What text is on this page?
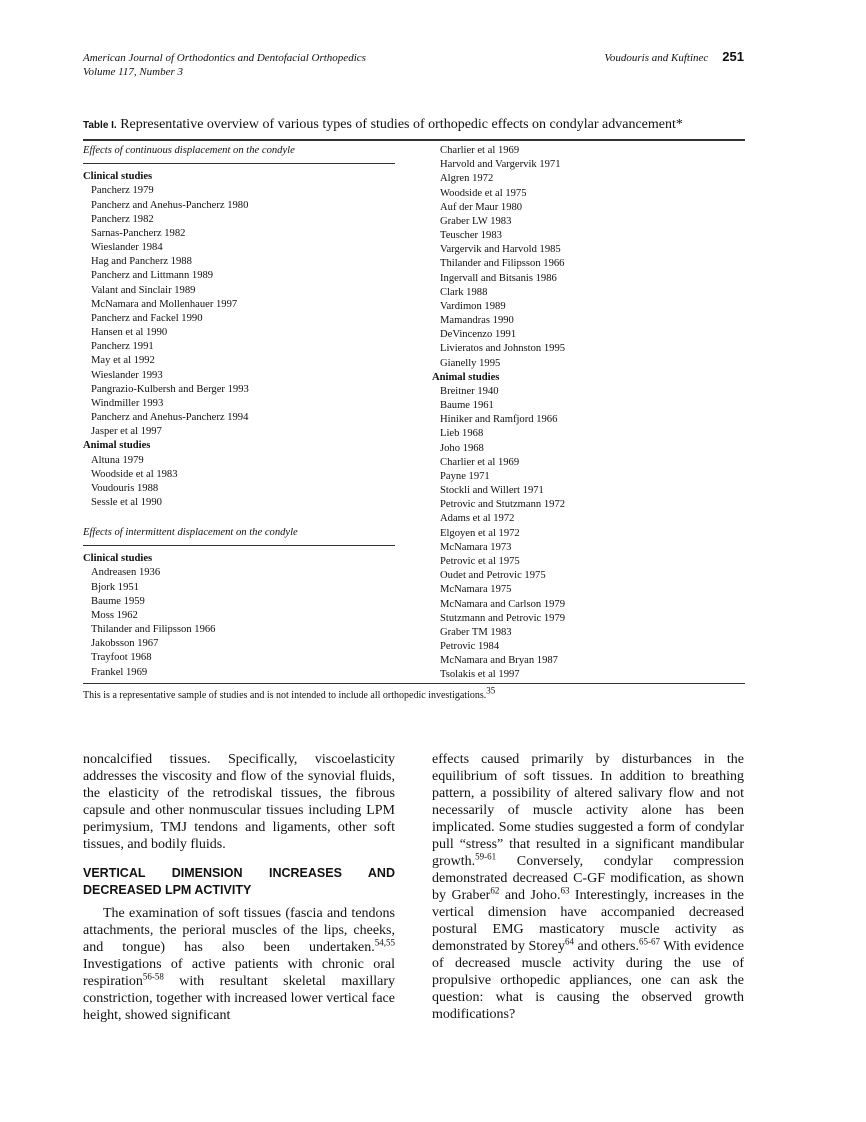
American Journal of Orthodontics and Dentofacial Orthopedics
Volume 117, Number 3
Voudouris and Kuftinec 251
Table I. Representative overview of various types of studies of orthopedic effects on condylar advancement*
Effects of continuous displacement on the condyle
Clinical studies
Pancherz 1979
Pancherz and Anehus-Pancherz 1980
Pancherz 1982
Sarnas-Pancherz 1982
Wieslander 1984
Hag and Pancherz 1988
Pancherz and Littmann 1989
Valant and Sinclair 1989
McNamara and Mollenhauer 1997
Pancherz and Fackel 1990
Hansen et al 1990
Pancherz 1991
May et al 1992
Wieslander 1993
Pangrazio-Kulbersh and Berger 1993
Windmiller 1993
Pancherz and Anehus-Pancherz 1994
Jasper et al 1997
Animal studies
Altuna 1979
Woodside et al 1983
Voudouris 1988
Sessle et al 1990
Effects of intermittent displacement on the condyle
Clinical studies
Andreasen 1936
Bjork 1951
Baume 1959
Moss 1962
Thilander and Filipsson 1966
Jakobsson 1967
Trayfoot 1968
Frankel 1969
Charlier et al 1969
Harvold and Vargervik 1971
Algren 1972
Woodside et al 1975
Auf der Maur 1980
Graber LW 1983
Teuscher 1983
Vargervik and Harvold 1985
Thilander and Filipsson 1966
Ingervall and Bitsanis 1986
Clark 1988
Vardimon 1989
Mamandras 1990
DeVincenzo 1991
Livieratos and Johnston 1995
Gianelly 1995
Animal studies
Breitner 1940
Baume 1961
Hiniker and Ramfjord 1966
Lieb 1968
Joho 1968
Charlier et al 1969
Payne 1971
Stockli and Willert 1971
Petrovic and Stutzmann 1972
Adams et al 1972
Elgoyen et al 1972
McNamara 1973
Petrovic et al 1975
Oudet and Petrovic 1975
McNamara 1975
McNamara and Carlson 1979
Stutzmann and Petrovic 1979
Graber TM 1983
Petrovic 1984
McNamara and Bryan 1987
Tsolakis et al 1997
This is a representative sample of studies and is not intended to include all orthopedic investigations.$^{35}$

noncalcified tissues. Specifically, viscoelasticity addresses the viscosity and flow of the synovial fluids, the elasticity of the retrodiskal tissues, the fibrous capsule and other nonmuscular tissues including LPM perimysium, TMJ tendons and ligaments, other soft tissues, and bodily fluids.

VERTICAL DIMENSION INCREASES AND DECREASED LPM ACTIVITY

The examination of soft tissues (fascia and tendons attachments, the perioral muscles of the lips, cheeks, and tongue) has also been undertaken.$^{54,55}$ Investigations of active patients with chronic oral respiration$^{56-58}$ with resultant skeletal maxillary constriction, together with increased lower vertical face height, showed significant

effects caused primarily by disturbances in the equilibrium of soft tissues. In addition to breathing pattern, a possibility of altered salivary flow and not necessarily of muscle activity alone has been implicated. Some studies suggested a form of condylar pull “stress” that resulted in a significant mandibular growth.$^{59-61}$ Conversely, condylar compression demonstrated decreased C-GF modification, as shown by Graber$^{62}$ and Joho.$^{63}$ Interestingly, increases in the vertical dimension have accompanied decreased postural EMG masticatory muscle activity as demonstrated by Storey$^{64}$ and others.$^{65-67}$ With evidence of decreased muscle activity during the use of propulsive orthopedic appliances, one can ask the question: what is causing the observed growth modifications?
